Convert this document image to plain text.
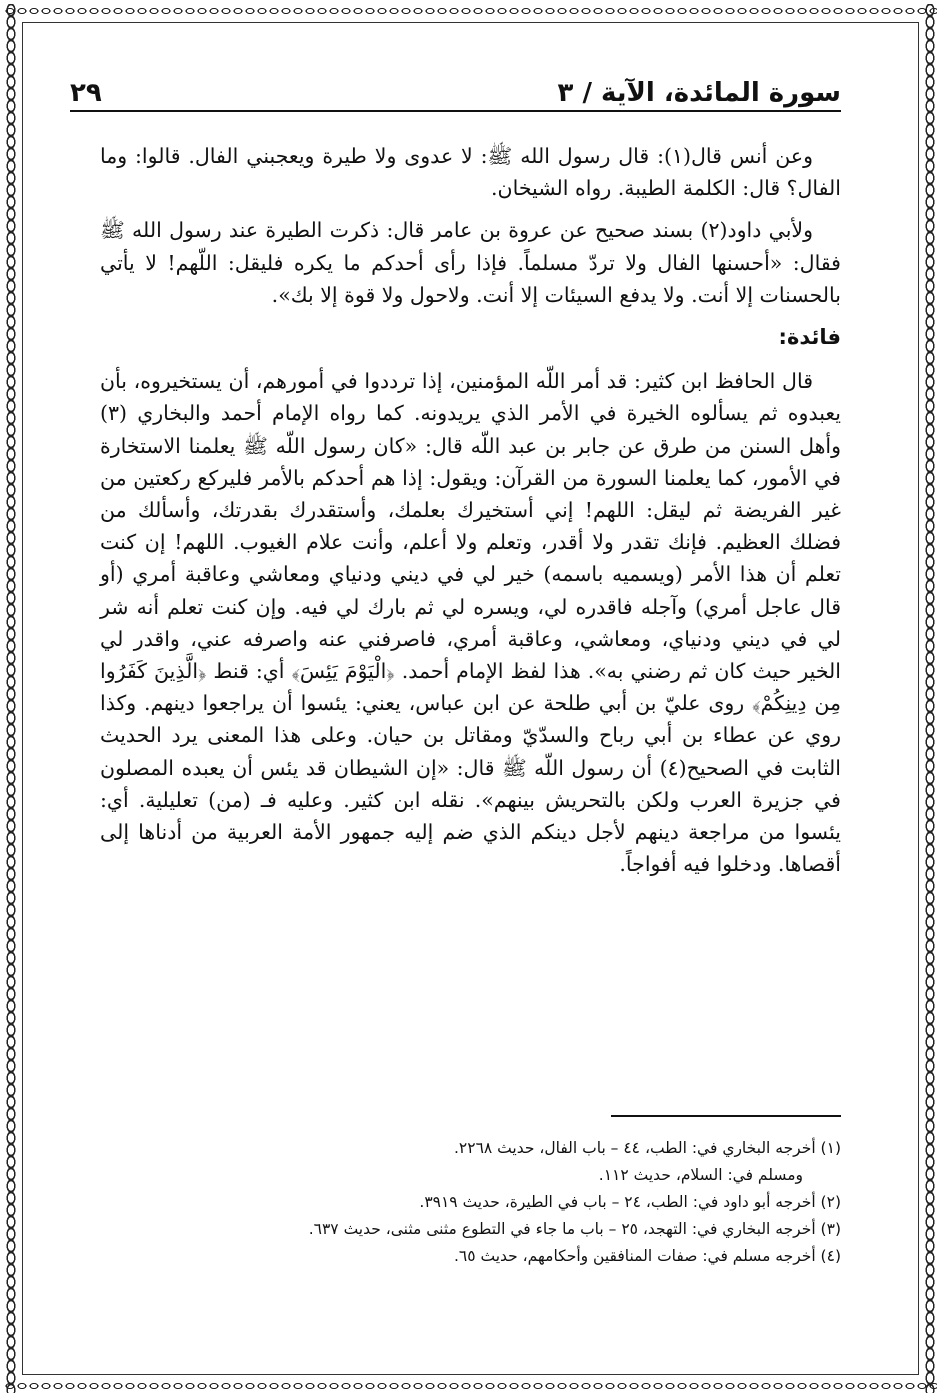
سورة المائدة، الآية / ٣
٢٩

وعن أنس قال(١): قال رسول الله ﷺ: لا عدوى ولا طيرة ويعجبني الفال. قالوا: وما الفال؟ قال: الكلمة الطيبة. رواه الشيخان.

ولأبي داود(٢) بسند صحيح عن عروة بن عامر قال: ذكرت الطيرة عند رسول الله ﷺ فقال: «أحسنها الفال ولا تردّ مسلماً. فإذا رأى أحدكم ما يكره فليقل: اللّهم! لا يأتي بالحسنات إلا أنت. ولا يدفع السيئات إلا أنت. ولاحول ولا قوة إلا بك».

فائدة:

قال الحافظ ابن كثير: قد أمر اللّه المؤمنين، إذا ترددوا في أمورهم، أن يستخيروه، بأن يعبدوه ثم يسألوه الخيرة في الأمر الذي يريدونه. كما رواه الإمام أحمد والبخاري (٣) وأهل السنن من طرق عن جابر بن عبد اللّه قال: «كان رسول اللّه ﷺ يعلمنا الاستخارة في الأمور، كما يعلمنا السورة من القرآن: ويقول: إذا هم أحدكم بالأمر فليركع ركعتين من غير الفريضة ثم ليقل: اللهم! إني أستخيرك بعلمك، وأستقدرك بقدرتك، وأسألك من فضلك العظيم. فإنك تقدر ولا أقدر، وتعلم ولا أعلم، وأنت علام الغيوب. اللهم! إن كنت تعلم أن هذا الأمر (ويسميه باسمه) خير لي في ديني ودنياي ومعاشي وعاقبة أمري (أو قال عاجل أمري) وآجله فاقدره لي، ويسره لي ثم بارك لي فيه. وإن كنت تعلم أنه شر لي في ديني ودنياي، ومعاشي، وعاقبة أمري، فاصرفني عنه واصرفه عني، واقدر لي الخير حيث كان ثم رضني به». هذا لفظ الإمام أحمد. ﴿الْيَوْمَ يَئِسَ﴾ أي: قنط ﴿الَّذِينَ كَفَرُوا مِن دِينِكُمْ﴾ روى عليّ بن أبي طلحة عن ابن عباس، يعني: يئسوا أن يراجعوا دينهم. وكذا روي عن عطاء بن أبي رباح والسدّيّ ومقاتل بن حيان. وعلى هذا المعنى يرد الحديث الثابت في الصحيح(٤) أن رسول اللّه ﷺ قال: «إن الشيطان قد يئس أن يعبده المصلون في جزيرة العرب ولكن بالتحريش بينهم». نقله ابن كثير. وعليه فـ (من) تعليلية. أي: يئسوا من مراجعة دينهم لأجل دينكم الذي ضم إليه جمهور الأمة العربية من أدناها إلى أقصاها. ودخلوا فيه أفواجاً.

(١) أخرجه البخاري في: الطب، ٤٤ – باب الفال، حديث ٢٢٦٨.
ومسلم في: السلام، حديث ١١٢.
(٢) أخرجه أبو داود في: الطب، ٢٤ – باب في الطيرة، حديث ٣٩١٩.
(٣) أخرجه البخاري في: التهجد، ٢٥ – باب ما جاء في التطوع مثنى مثنى، حديث ٦٣٧.
(٤) أخرجه مسلم في: صفات المنافقين وأحكامهم، حديث ٦٥.
